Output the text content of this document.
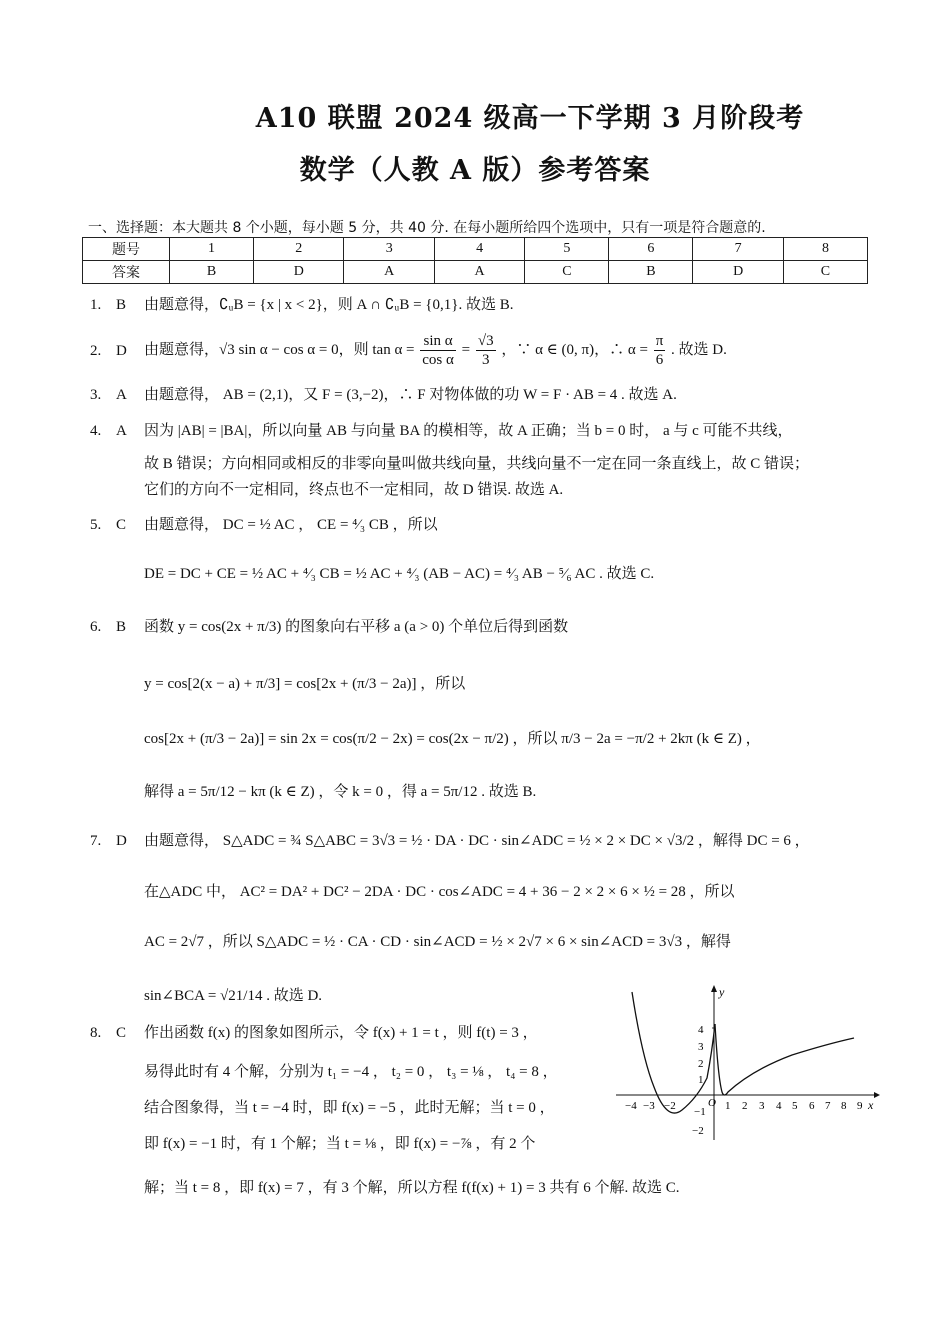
A10 联盟 2024 级高一下学期 3 月阶段考
数学（人教 A 版）参考答案
一、选择题：本大题共 8 个小题，每小题 5 分，共 40 分. 在每小题所给四个选项中，只有一项是符合题意的.
题号	1	2	3	4	5	6	7	8
答案	B	D	A	A	C	B	D	C
1. B 由题意得，∁ᵤB = {x | x < 2}，则 A ∩ ∁ᵤB = {0,1}. 故选 B.
2. D 由题意得，√3 sin α − cos α = 0，则 $\tan \alpha = \frac{\text{sin α}}{\text{cos α}} = \frac{√3}{3}$ ，∵ α ∈ (0, π)，∴ $\alpha = \frac{\pi}{6}$ . 故选 D.
3. A 由题意得， AB = (2,1)，又 F = (3,−2)，∴ F 对物体做的功 W = F · AB = 4 . 故选 A.
4. A 因为 |AB| = |BA|，所以向量 AB 与向量 BA 的模相等，故 A 正确；当 b = 0 时， a 与 c 可能不共线，
故 B 错误；方向相同或相反的非零向量叫做共线向量，共线向量不一定在同一条直线上，故 C 错误；
它们的方向不一定相同，终点也不一定相同，故 D 错误. 故选 A.
5. C 由题意得， DC = ½ AC ， CE = ⁴⁄₃ CB ，所以
DE = DC + CE = ½ AC + ⁴⁄₃ CB = ½ AC + ⁴⁄₃ (AB − AC) = ⁴⁄₃ AB − ⁵⁄₆ AC . 故选 C.
6. B 函数 y = cos(2x + π/3) 的图象向右平移 a (a > 0) 个单位后得到函数
y = cos[2(x − a) + π/3] = cos[2x + (π/3 − 2a)] ，所以
cos[2x + (π/3 − 2a)] = sin 2x = cos(π/2 − 2x) = cos(2x − π/2) ，所以 π/3 − 2a = −π/2 + 2kπ (k ∈ Z) ，
解得 a = 5π/12 − kπ (k ∈ Z) ，令 k = 0 ，得 a = 5π/12 . 故选 B.
7. D 由题意得， S△ADC = ¾ S△ABC = 3√3 = ½ · DA · DC · sin∠ADC = ½ × 2 × DC × √3/2 ，解得 DC = 6 ，
在△ADC 中， AC² = DA² + DC² − 2DA · DC · cos∠ADC = 4 + 36 − 2 × 2 × 6 × ½ = 28 ，所以
AC = 2√7 ，所以 S△ADC = ½ · CA · CD · sin∠ACD = ½ × 2√7 × 6 × sin∠ACD = 3√3 ，解得
sin∠BCA = √21/14 . 故选 D.
8. C 作出函数 f(x) 的图象如图所示，令 f(x) + 1 = t ，则 f(t) = 3 ，
易得此时有 4 个解，分别为 t₁ = −4 ， t₂ = 0 ， t₃ = ⅛ ， t₄ = 8 ，
结合图象得，当 t = −4 时，即 f(x) = −5 ，此时无解；当 t = 0 ，
即 f(x) = −1 时，有 1 个解；当 t = ⅛ ，即 f(x) = −⅞ ，有 2 个
解；当 t = 8 ，即 f(x) = 7 ，有 3 个解，所以方程 f(f(x) + 1) = 3 共有 6 个解. 故选 C.
x
y
O
−4 −3 −2 −1 1 2 3 4 5 6 7 8 9
4
3
2
1
−2
